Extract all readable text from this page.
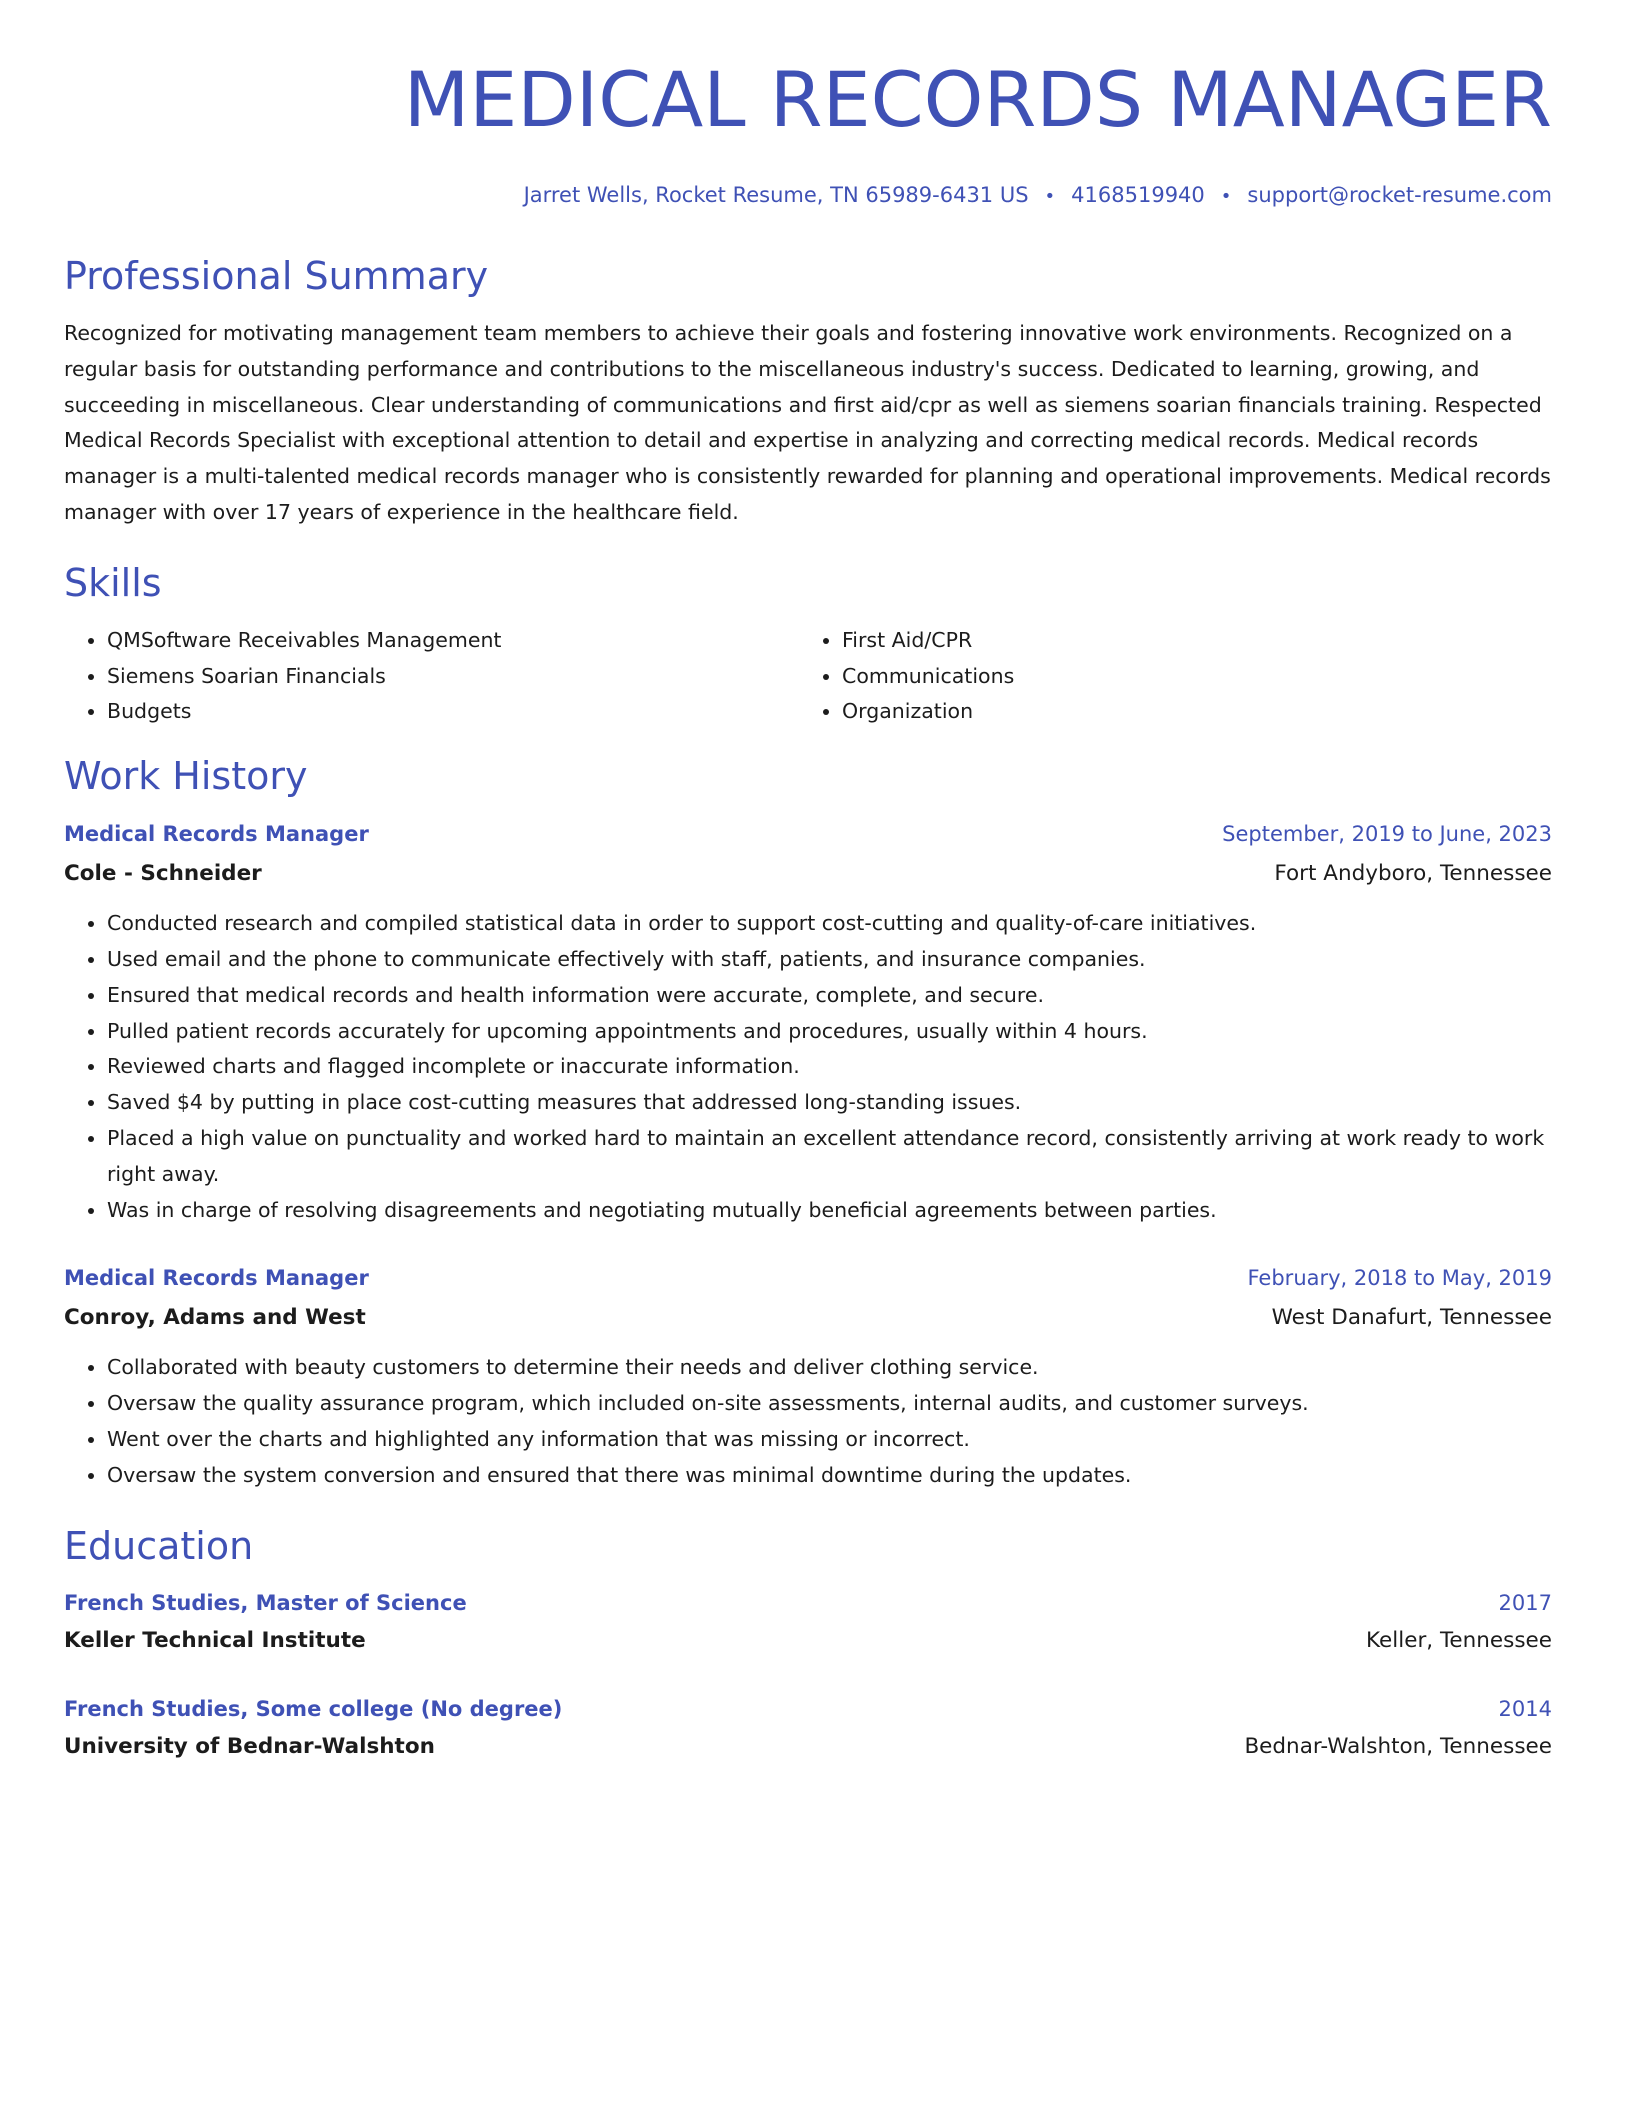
MEDICAL RECORDS MANAGER
Jarret Wells, Rocket Resume, TN 65989-6431 US • 4168519940 • support@rocket-resume.com
Professional Summary
Recognized for motivating management team members to achieve their goals and fostering innovative work environments. Recognized on a regular basis for outstanding performance and contributions to the miscellaneous industry's success. Dedicated to learning, growing, and succeeding in miscellaneous. Clear understanding of communications and first aid/cpr as well as siemens soarian financials training. Respected Medical Records Specialist with exceptional attention to detail and expertise in analyzing and correcting medical records. Medical records manager is a multi-talented medical records manager who is consistently rewarded for planning and operational improvements. Medical records manager with over 17 years of experience in the healthcare field.
Skills
• QMSoftware Receivables Management
• Siemens Soarian Financials
• Budgets
• First Aid/CPR
• Communications
• Organization
Work History
Medical Records Manager	September, 2019 to June, 2023
Cole - Schneider	Fort Andyboro, Tennessee
• Conducted research and compiled statistical data in order to support cost-cutting and quality-of-care initiatives.
• Used email and the phone to communicate effectively with staff, patients, and insurance companies.
• Ensured that medical records and health information were accurate, complete, and secure.
• Pulled patient records accurately for upcoming appointments and procedures, usually within 4 hours.
• Reviewed charts and flagged incomplete or inaccurate information.
• Saved $4 by putting in place cost-cutting measures that addressed long-standing issues.
• Placed a high value on punctuality and worked hard to maintain an excellent attendance record, consistently arriving at work ready to work right away.
• Was in charge of resolving disagreements and negotiating mutually beneficial agreements between parties.
Medical Records Manager	February, 2018 to May, 2019
Conroy, Adams and West	West Danafurt, Tennessee
• Collaborated with beauty customers to determine their needs and deliver clothing service.
• Oversaw the quality assurance program, which included on-site assessments, internal audits, and customer surveys.
• Went over the charts and highlighted any information that was missing or incorrect.
• Oversaw the system conversion and ensured that there was minimal downtime during the updates.
Education
French Studies, Master of Science	2017
Keller Technical Institute	Keller, Tennessee
French Studies, Some college (No degree)	2014
University of Bednar-Walshton	Bednar-Walshton, Tennessee
